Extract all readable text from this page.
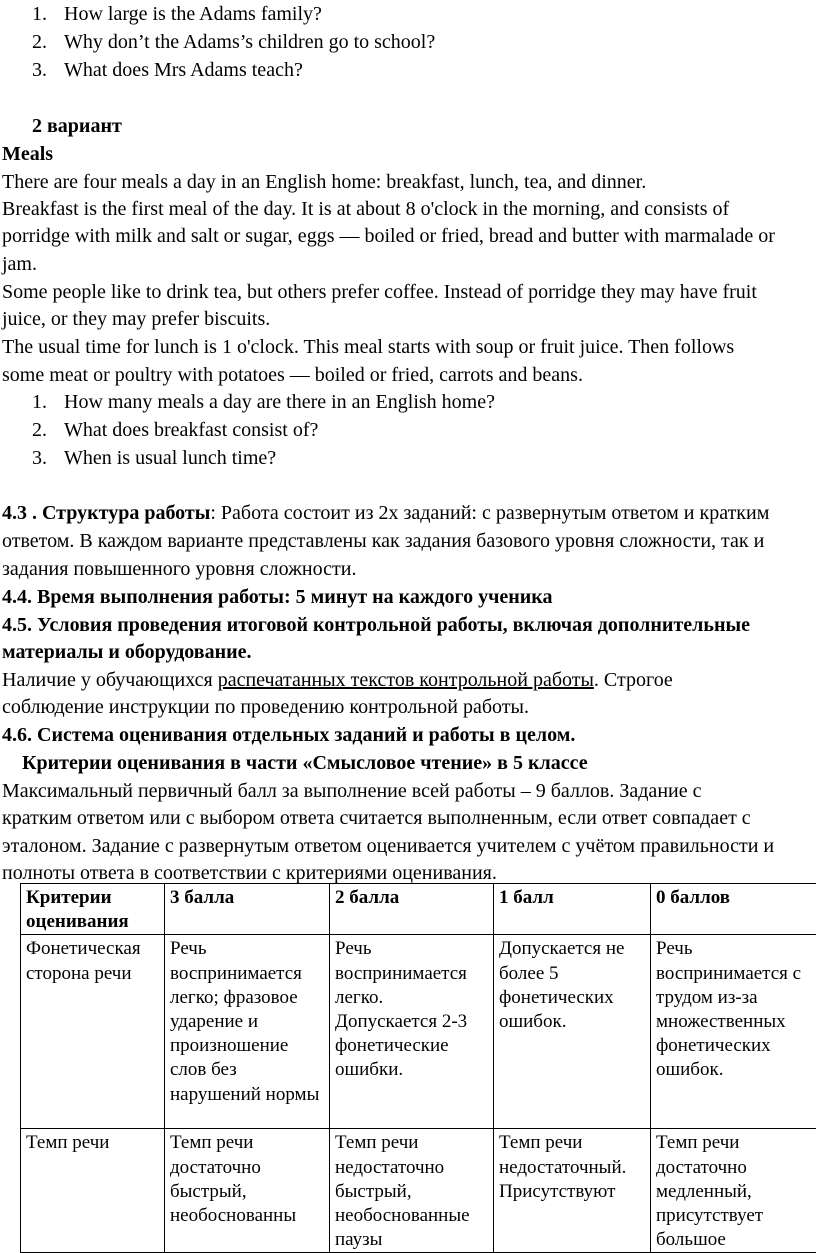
1. How large is the Adams family?
2. Why don’t the Adams’s children go to school?
3. What does Mrs Adams teach?
2 вариант
Meals
There are four meals a day in an English home: breakfast, lunch, tea, and dinner.
Breakfast is the first meal of the day. It is at about 8 o'clock in the morning, and consists of
porridge with milk and salt or sugar, eggs — boiled or fried, bread and butter with marmalade or
jam.
Some people like to drink tea, but others prefer coffee. Instead of porridge they may have fruit
juice, or they may prefer biscuits.
The usual time for lunch is 1 o'clock. This meal starts with soup or fruit juice. Then follows
some meat or poultry with potatoes — boiled or fried, carrots and beans.
1. How many meals a day are there in an English home?
2. What does breakfast consist of?
3. When is usual lunch time?
4.3 . Структура работы: Работа состоит из 2х заданий: с развернутым ответом и кратким
ответом. В каждом варианте представлены как задания базового уровня сложности, так и
задания повышенного уровня сложности.
4.4. Время выполнения работы: 5 минут на каждого ученика
4.5. Условия проведения итоговой контрольной работы, включая дополнительные
материалы и оборудование.
Наличие у обучающихся распечатанных текстов контрольной работы. Строгое
соблюдение инструкции по проведению контрольной работы.
4.6. Система оценивания отдельных заданий и работы в целом.
Критерии оценивания в части «Смысловое чтение» в 5 классе
Максимальный первичный балл за выполнение всей работы – 9 баллов. Задание с
кратким ответом или с выбором ответа считается выполненным, если ответ совпадает с
эталоном. Задание с развернутым ответом оценивается учителем с учётом правильности и
полноты ответа в соответствии с критериями оценивания.
Критерии оценивания	3 балла	2 балла	1 балл	0 баллов
Фонетическая сторона речи	Речь воспринимается легко; фразовое ударение и произношение слов без нарушений нормы	Речь воспринимается легко. Допускается 2-3 фонетические ошибки.	Допускается не более 5 фонетических ошибок.	Речь воспринимается с трудом из-за множественных фонетических ошибок.
Темп речи	Темп речи достаточно быстрый, необоснованны	Темп речи недостаточно быстрый, необоснованные паузы	Темп речи недостаточный. Присутствуют	Темп речи достаточно медленный, присутствует большое
